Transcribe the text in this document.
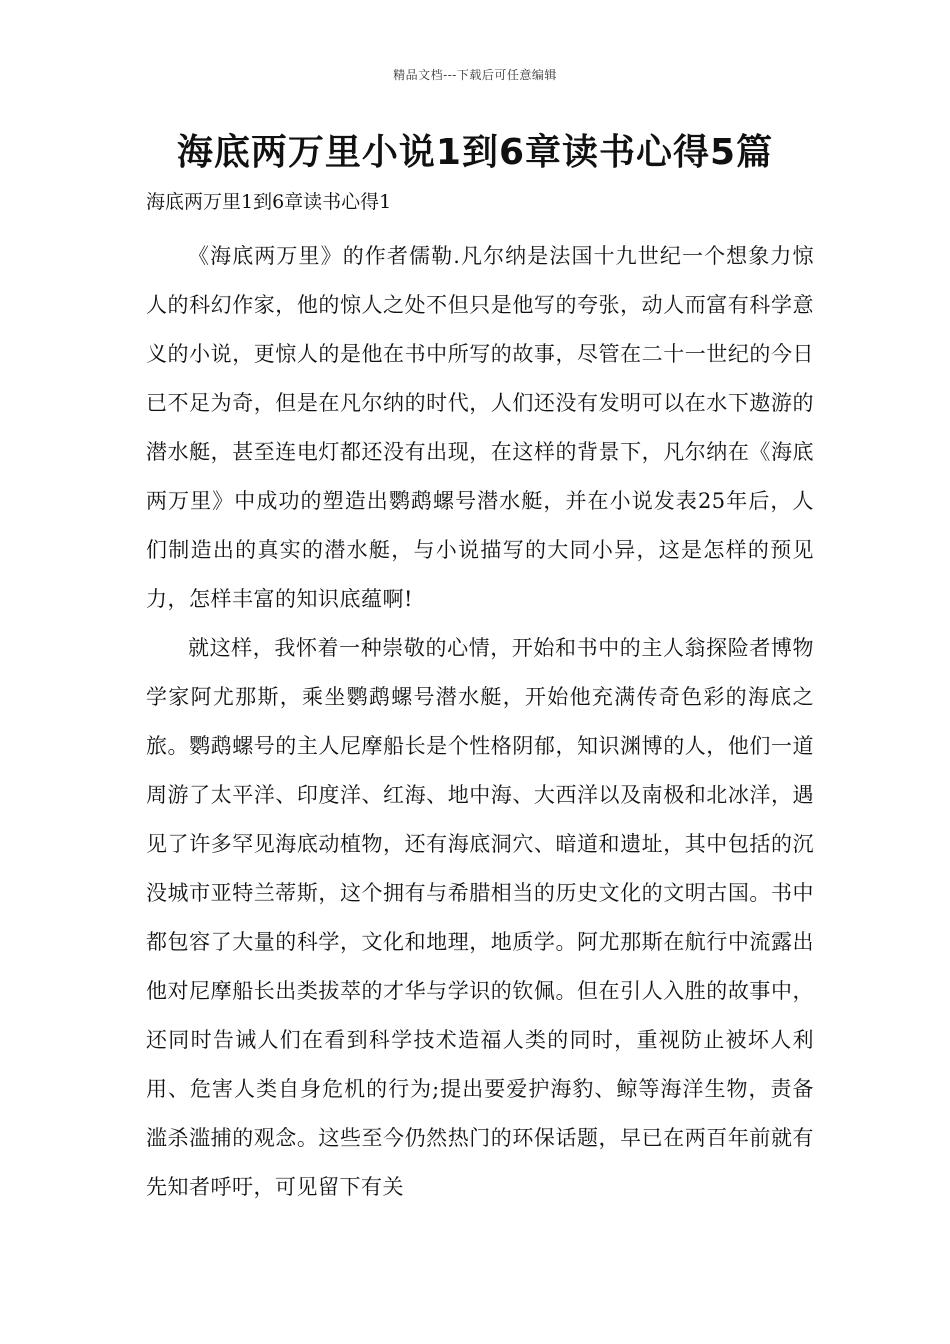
精品文档---下载后可任意编辑
海底两万里小说1到6章读书心得5篇
海底两万里1到6章读书心得1

《海底两万里》的作者儒勒.凡尔纳是法国十九世纪一个想象力惊人的科幻作家，他的惊人之处不但只是他写的夸张，动人而富有科学意义的小说，更惊人的是他在书中所写的故事，尽管在二十一世纪的今日已不足为奇，但是在凡尔纳的时代，人们还没有发明可以在水下遨游的潜水艇，甚至连电灯都还没有出现，在这样的背景下，凡尔纳在《海底两万里》中成功的塑造出鹦鹉螺号潜水艇，并在小说发表25年后，人们制造出的真实的潜水艇，与小说描写的大同小异，这是怎样的预见力，怎样丰富的知识底蕴啊!

就这样，我怀着一种崇敬的心情，开始和书中的主人翁探险者博物学家阿尤那斯，乘坐鹦鹉螺号潜水艇，开始他充满传奇色彩的海底之旅。鹦鹉螺号的主人尼摩船长是个性格阴郁，知识渊博的人，他们一道周游了太平洋、印度洋、红海、地中海、大西洋以及南极和北冰洋，遇见了许多罕见海底动植物，还有海底洞穴、暗道和遗址，其中包括的沉没城市亚特兰蒂斯，这个拥有与希腊相当的历史文化的文明古国。书中都包容了大量的科学，文化和地理，地质学。阿尤那斯在航行中流露出他对尼摩船长出类拔萃的才华与学识的钦佩。但在引人入胜的故事中，还同时告诫人们在看到科学技术造福人类的同时，重视防止被坏人利用、危害人类自身危机的行为;提出要爱护海豹、鲸等海洋生物，责备滥杀滥捕的观念。这些至今仍然热门的环保话题，早已在两百年前就有先知者呼吁，可见留下有关
